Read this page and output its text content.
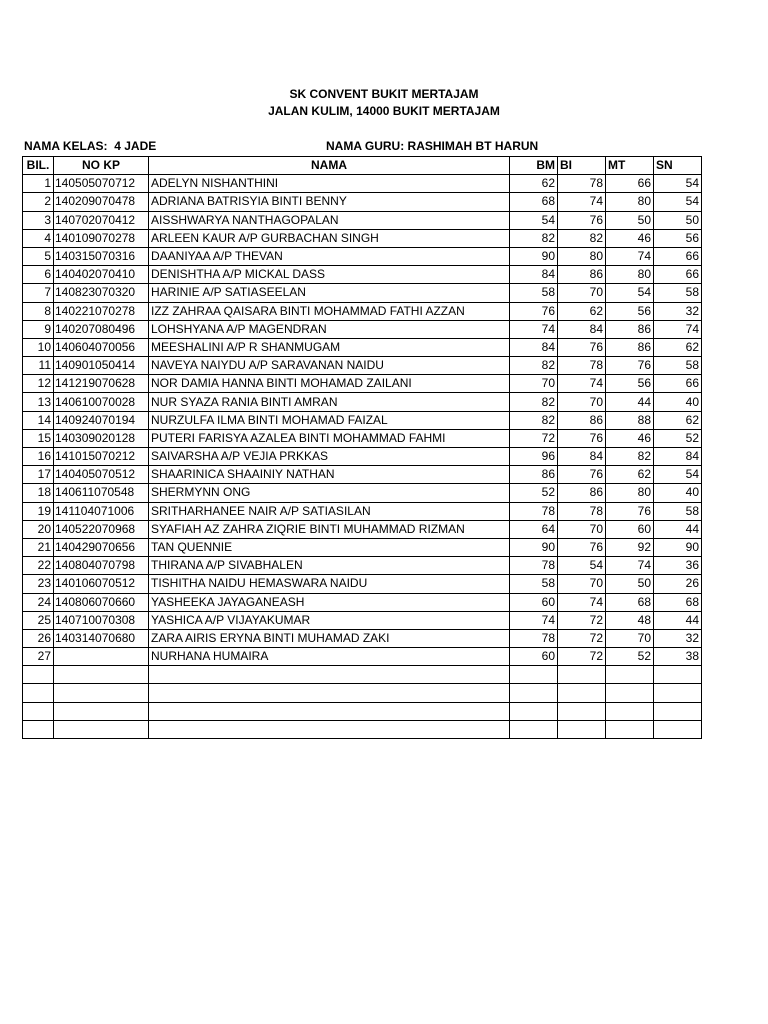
SK CONVENT BUKIT MERTAJAM
JALAN KULIM, 14000 BUKIT MERTAJAM
NAMA KELAS:  4 JADE	NAMA GURU: RASHIMAH BT HARUN
BIL.	NO KP	NAMA	BM	BI	MT	SN
1	140505070712	ADELYN NISHANTHINI	62	78	66	54
2	140209070478	ADRIANA BATRISYIA BINTI BENNY	68	74	80	54
3	140702070412	AISSHWARYA NANTHAGOPALAN	54	76	50	50
4	140109070278	ARLEEN KAUR A/P GURBACHAN SINGH	82	82	46	56
5	140315070316	DAANIYAA A/P THEVAN	90	80	74	66
6	140402070410	DENISHTHA A/P MICKAL DASS	84	86	80	66
7	140823070320	HARINIE A/P SATIASEELAN	58	70	54	58
8	140221070278	IZZ ZAHRAA QAISARA BINTI MOHAMMAD FATHI AZZAN	76	62	56	32
9	140207080496	LOHSHYANA A/P MAGENDRAN	74	84	86	74
10	140604070056	MEESHALINI A/P R SHANMUGAM	84	76	86	62
11	140901050414	NAVEYA NAIYDU A/P SARAVANAN NAIDU	82	78	76	58
12	141219070628	NOR DAMIA HANNA BINTI MOHAMAD ZAILANI	70	74	56	66
13	140610070028	NUR SYAZA RANIA BINTI AMRAN	82	70	44	40
14	140924070194	NURZULFA ILMA BINTI MOHAMAD FAIZAL	82	86	88	62
15	140309020128	PUTERI FARISYA AZALEA BINTI MOHAMMAD FAHMI	72	76	46	52
16	141015070212	SAIVARSHA A/P VEJIA PRKKAS	96	84	82	84
17	140405070512	SHAARINICA SHAAINIY NATHAN	86	76	62	54
18	140611070548	SHERMYNN ONG	52	86	80	40
19	141104071006	SRITHARHANEE NAIR A/P SATIASILAN	78	78	76	58
20	140522070968	SYAFIAH AZ ZAHRA ZIQRIE BINTI MUHAMMAD RIZMAN	64	70	60	44
21	140429070656	TAN QUENNIE	90	76	92	90
22	140804070798	THIRANA A/P SIVABHALEN	78	54	74	36
23	140106070512	TISHITHA NAIDU HEMASWARA NAIDU	58	70	50	26
24	140806070660	YASHEEKA JAYAGANEASH	60	74	68	68
25	140710070308	YASHICA A/P VIJAYAKUMAR	74	72	48	44
26	140314070680	ZARA AIRIS ERYNA BINTI MUHAMAD ZAKI	78	72	70	32
27		NURHANA HUMAIRA	60	72	52	38
